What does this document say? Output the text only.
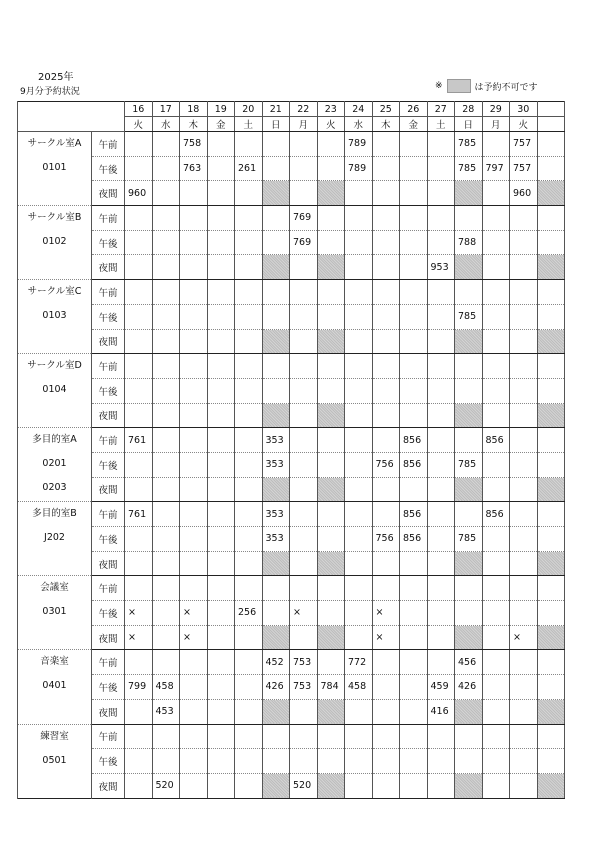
2025年
9月分予約状況
※	は予約不可です
		16	17	18	19	20	21	22	23	24	25	26	27	28	29	30	
		火	水	木	金	土	日	月	火	水	木	金	土	日	月	火	

サークル室A
0101	午前			758						789				785		757	
	午後			763		261				789				785	797	757	
	夜間	960														960	

サークル室B
0102	午前							769									
	午後							769						788			
	夜間												953				

サークル室C
0103	午前																
	午後													785			
	夜間																

サークル室D
0104	午前																
	午後																
	夜間																

多目的室A
0201
0203	午前	761					353					856			856		
	午後						353				756	856		785			
	夜間																

多目的室B
J202	午前	761					353					856			856		
	午後						353				756	856		785			
	夜間																

会議室
0301	午前																
	午後	×		×		256		×			×						
	夜間	×		×							×					×	

音楽室
0401	午前						452	753		772				456			
	午後	799	458				426	753	784	458			459	426			
	夜間		453										416				

練習室
0501	午前																
	午後																
	夜間		520					520									
